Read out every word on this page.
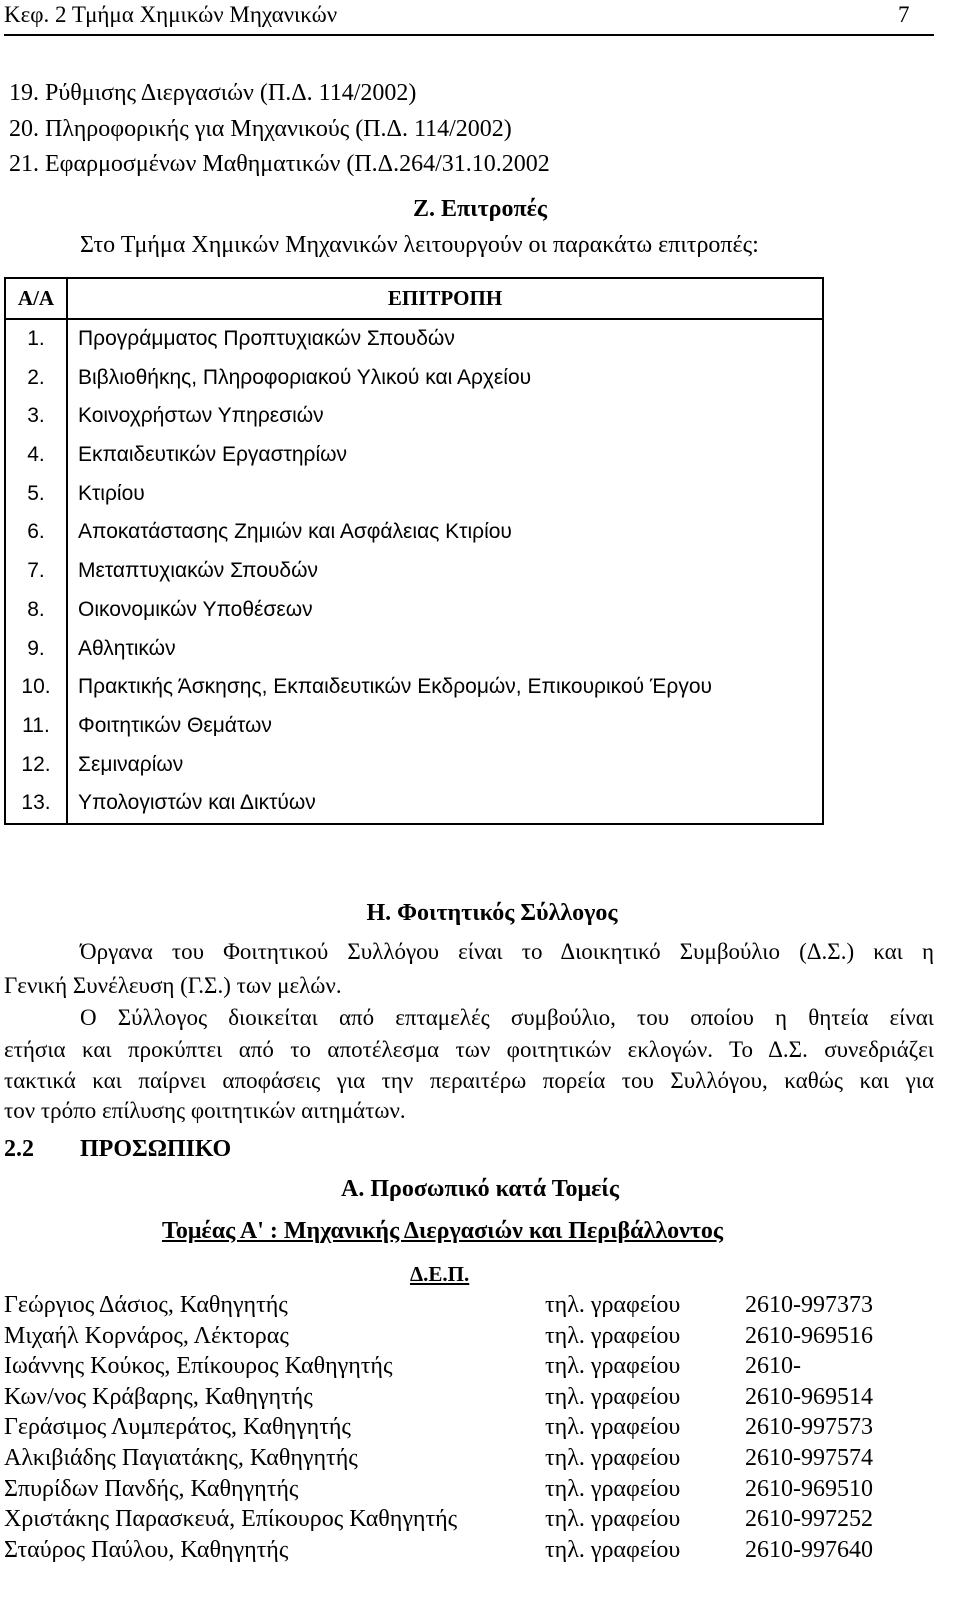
Κεφ. 2 Τμήμα Χημικών Μηχανικών	7
19. Ρύθμισης Διεργασιών (Π.Δ. 114/2002)
20. Πληροφορικής για Μηχανικούς (Π.Δ. 114/2002)
21. Εφαρμοσμένων Μαθηματικών (Π.Δ.264/31.10.2002
Ζ. Επιτροπές
Στο Τμήμα Χημικών Μηχανικών λειτουργούν οι παρακάτω επιτροπές:
Α/Α	ΕΠΙΤΡΟΠΗ
1.	Προγράμματος Προπτυχιακών Σπουδών
2.	Βιβλιοθήκης, Πληροφοριακού Υλικού και Αρχείου
3.	Κοινοχρήστων Υπηρεσιών
4.	Εκπαιδευτικών Εργαστηρίων
5.	Κτιρίου
6.	Αποκατάστασης Ζημιών και Ασφάλειας Κτιρίου
7.	Μεταπτυχιακών Σπουδών
8.	Οικονομικών Υποθέσεων
9.	Αθλητικών
10.	Πρακτικής Άσκησης, Εκπαιδευτικών Εκδρομών, Επικουρικού Έργου
11.	Φοιτητικών Θεμάτων
12.	Σεμιναρίων
13.	Υπολογιστών και Δικτύων
Η. Φοιτητικός Σύλλογος
Όργανα του Φοιτητικού Συλλόγου είναι το Διοικητικό Συμβούλιο (Δ.Σ.) και η
Γενική Συνέλευση (Γ.Σ.) των μελών.
Ο Σύλλογος διοικείται από επταμελές συμβούλιο, του οποίου η θητεία είναι
ετήσια και προκύπτει από το αποτέλεσμα των φοιτητικών εκλογών. Το Δ.Σ. συνεδριάζει
τακτικά και παίρνει αποφάσεις για την περαιτέρω πορεία του Συλλόγου, καθώς και για
τον τρόπο επίλυσης φοιτητικών αιτημάτων.
2.2 ΠΡΟΣΩΠΙΚΟ
Α. Προσωπικό κατά Τομείς
Τομέας Α' : Μηχανικής Διεργασιών και Περιβάλλοντος
Δ.Ε.Π.
Γεώργιος Δάσιος, Καθηγητής	τηλ. γραφείου	2610-997373
Μιχαήλ Κορνάρος, Λέκτορας	τηλ. γραφείου	2610-969516
Ιωάννης Κούκος, Επίκουρος Καθηγητής	τηλ. γραφείου	2610-
Κων/νος Κράβαρης, Καθηγητής	τηλ. γραφείου	2610-969514
Γεράσιμος Λυμπεράτος, Καθηγητής	τηλ. γραφείου	2610-997573
Αλκιβιάδης Παγιατάκης, Καθηγητής	τηλ. γραφείου	2610-997574
Σπυρίδων Πανδής, Καθηγητής	τηλ. γραφείου	2610-969510
Χριστάκης Παρασκευά, Επίκουρος Καθηγητής	τηλ. γραφείου	2610-997252
Σταύρος Παύλου, Καθηγητής	τηλ. γραφείου	2610-997640
